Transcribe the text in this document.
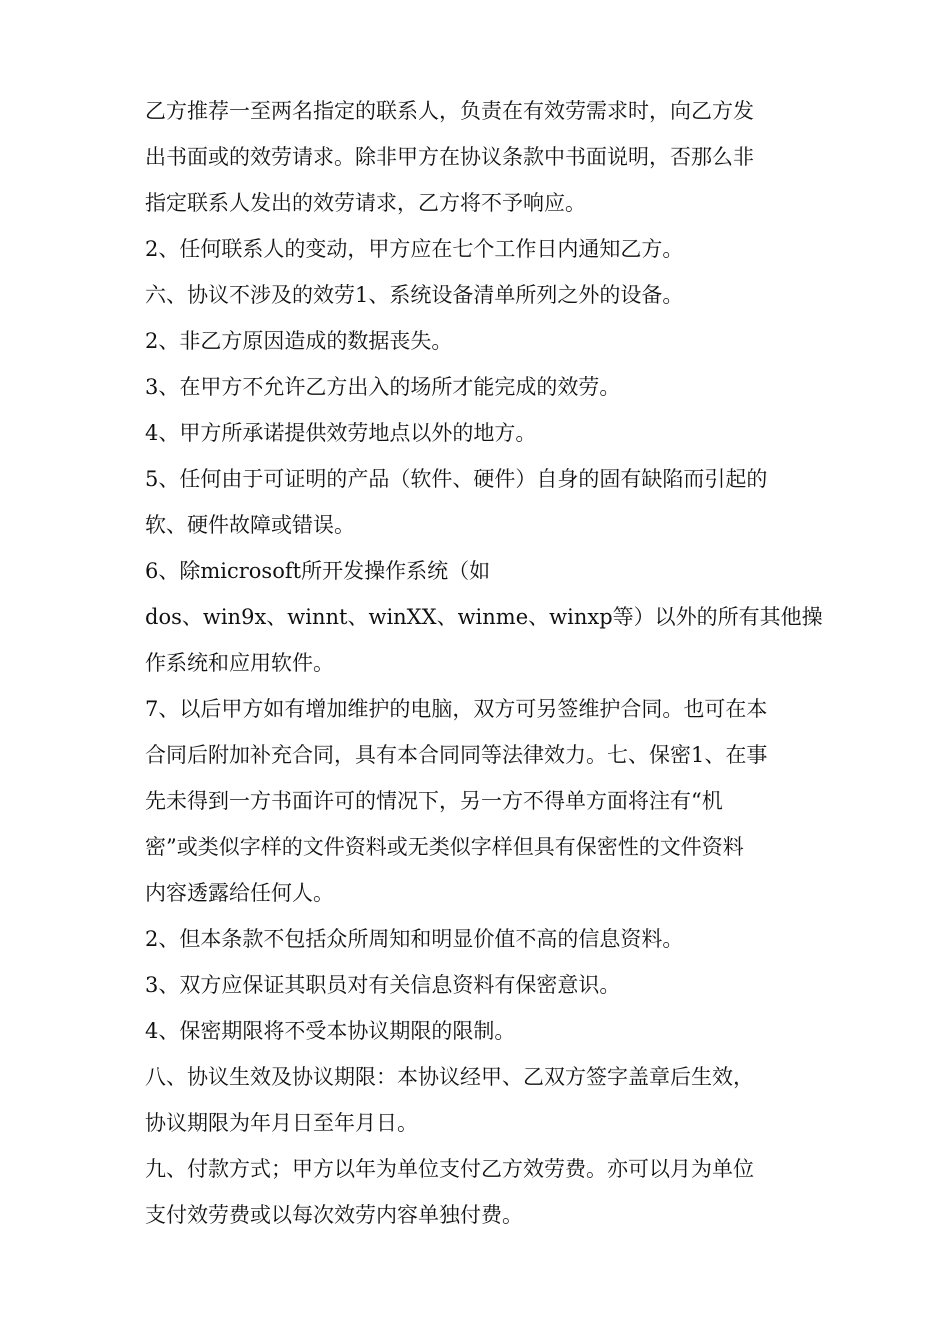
乙方推荐一至两名指定的联系人，负责在有效劳需求时，向乙方发
出书面或的效劳请求。除非甲方在协议条款中书面说明，否那么非
指定联系人发出的效劳请求，乙方将不予响应。
2、任何联系人的变动，甲方应在七个工作日内通知乙方。
六、协议不涉及的效劳1、系统设备清单所列之外的设备。
2、非乙方原因造成的数据丧失。
3、在甲方不允许乙方出入的场所才能完成的效劳。
4、甲方所承诺提供效劳地点以外的地方。
5、任何由于可证明的产品（软件、硬件）自身的固有缺陷而引起的
软、硬件故障或错误。
6、除microsoft所开发操作系统（如
dos、win9x、winnt、winXX、winme、winxp等）以外的所有其他操
作系统和应用软件。
7、以后甲方如有增加维护的电脑，双方可另签维护合同。也可在本
合同后附加补充合同，具有本合同同等法律效力。七、保密1、在事
先未得到一方书面许可的情况下，另一方不得单方面将注有“机
密”或类似字样的文件资料或无类似字样但具有保密性的文件资料
内容透露给任何人。
2、但本条款不包括众所周知和明显价值不高的信息资料。
3、双方应保证其职员对有关信息资料有保密意识。
4、保密期限将不受本协议期限的限制。
八、协议生效及协议期限：本协议经甲、乙双方签字盖章后生效，
协议期限为年月日至年月日。
九、付款方式；甲方以年为单位支付乙方效劳费。亦可以月为单位
支付效劳费或以每次效劳内容单独付费。
